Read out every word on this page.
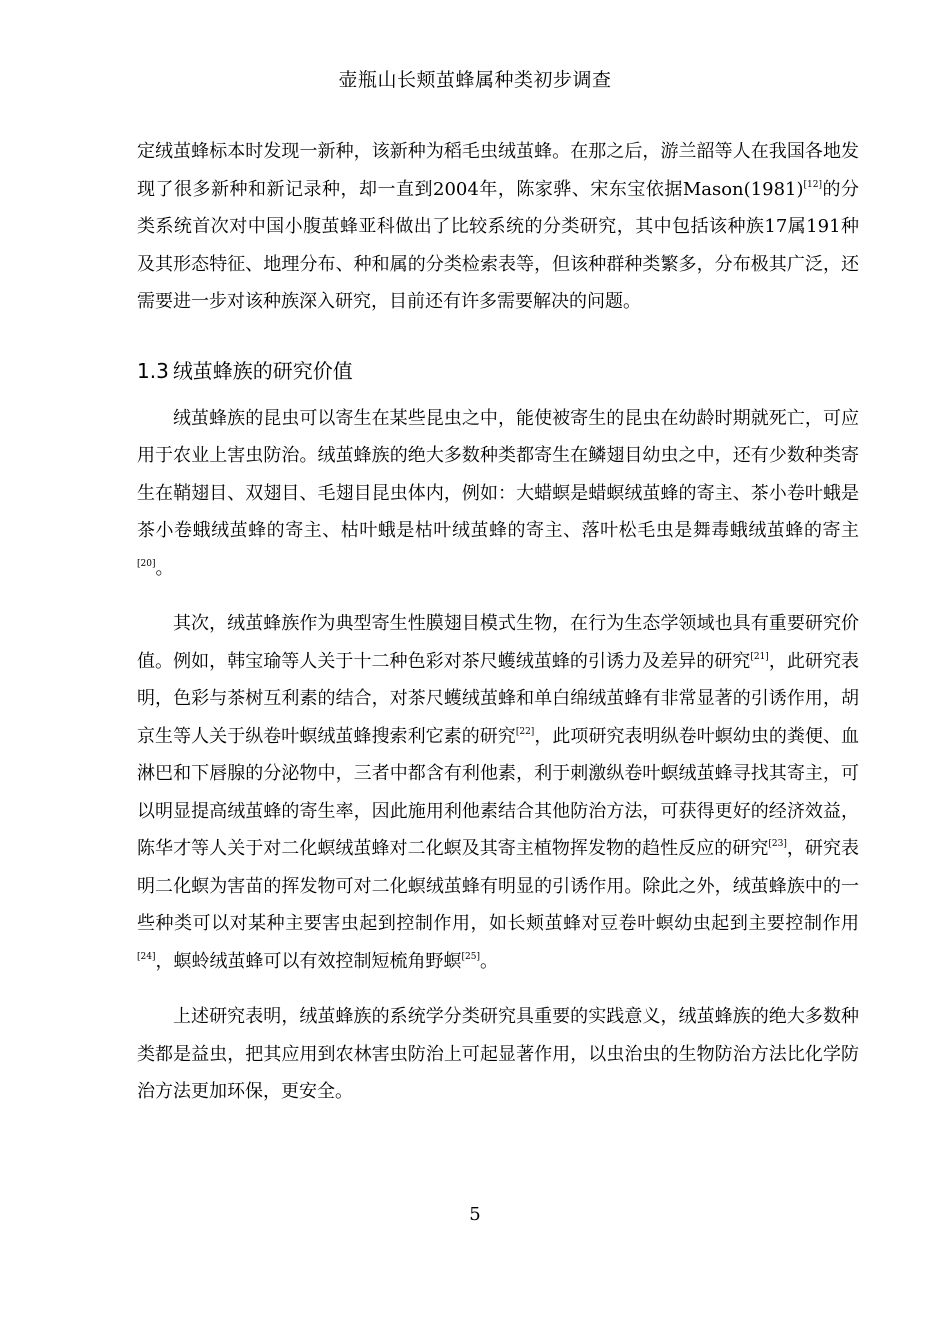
壶瓶山长颊茧蜂属种类初步调查

定绒茧蜂标本时发现一新种，该新种为稻毛虫绒茧蜂。在那之后，游兰韶等人在我国各地发现了很多新种和新记录种，却一直到2004年，陈家骅、宋东宝依据Mason(1981)[12]的分类系统首次对中国小腹茧蜂亚科做出了比较系统的分类研究，其中包括该种族17属191种及其形态特征、地理分布、种和属的分类检索表等，但该种群种类繁多，分布极其广泛，还需要进一步对该种族深入研究，目前还有许多需要解决的问题。

1.3 绒茧蜂族的研究价值

绒茧蜂族的昆虫可以寄生在某些昆虫之中，能使被寄生的昆虫在幼龄时期就死亡，可应用于农业上害虫防治。绒茧蜂族的绝大多数种类都寄生在鳞翅目幼虫之中，还有少数种类寄生在鞘翅目、双翅目、毛翅目昆虫体内，例如：大蜡螟是蜡螟绒茧蜂的寄主、茶小卷叶蛾是茶小卷蛾绒茧蜂的寄主、枯叶蛾是枯叶绒茧蜂的寄主、落叶松毛虫是舞毒蛾绒茧蜂的寄主[20]。

其次，绒茧蜂族作为典型寄生性膜翅目模式生物，在行为生态学领域也具有重要研究价值。例如，韩宝瑜等人关于十二种色彩对茶尺蠖绒茧蜂的引诱力及差异的研究[21]，此研究表明，色彩与茶树互利素的结合，对茶尺蠖绒茧蜂和单白绵绒茧蜂有非常显著的引诱作用，胡京生等人关于纵卷叶螟绒茧蜂搜索利它素的研究[22]，此项研究表明纵卷叶螟幼虫的粪便、血淋巴和下唇腺的分泌物中，三者中都含有利他素，利于刺激纵卷叶螟绒茧蜂寻找其寄主，可以明显提高绒茧蜂的寄生率，因此施用利他素结合其他防治方法，可获得更好的经济效益，陈华才等人关于对二化螟绒茧蜂对二化螟及其寄主植物挥发物的趋性反应的研究[23]，研究表明二化螟为害苗的挥发物可对二化螟绒茧蜂有明显的引诱作用。除此之外，绒茧蜂族中的一些种类可以对某种主要害虫起到控制作用，如长颊茧蜂对豆卷叶螟幼虫起到主要控制作用[24]，螟蛉绒茧蜂可以有效控制短梳角野螟[25]。

上述研究表明，绒茧蜂族的系统学分类研究具重要的实践意义，绒茧蜂族的绝大多数种类都是益虫，把其应用到农林害虫防治上可起显著作用，以虫治虫的生物防治方法比化学防治方法更加环保，更安全。

5
